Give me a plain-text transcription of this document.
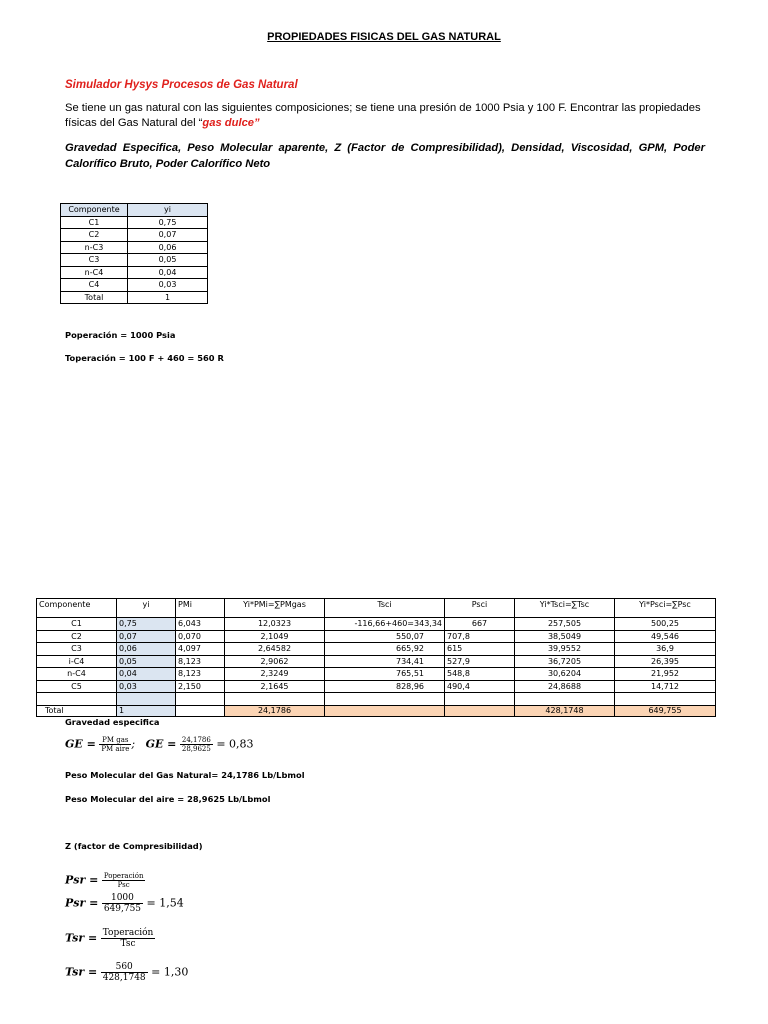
PROPIEDADES FISICAS DEL GAS NATURAL
Simulador Hysys Procesos de Gas Natural
Se tiene un gas natural con las siguientes composiciones; se tiene una presión de 1000 Psia y 100 F. Encontrar las propiedades físicas del Gas Natural del “gas dulce”
Gravedad Especifica, Peso Molecular aparente, Z (Factor de Compresibilidad), Densidad, Viscosidad, GPM, Poder Calorífico Bruto, Poder Calorífico Neto
Componente	yi
C1	0,75
C2	0,07
n-C3	0,06
C3	0,05
n-C4	0,04
C4	0,03
Total	1
Poperación = 1000 Psia
Toperación = 100 F + 460 = 560 R
Componente	yi	PMi	Yi*PMi=∑PMgas	Tsci	Psci	Yi*Tsci=∑Tsc	Yi*Psci=∑Psc
C1	0,75	6,043	12,0323	-116,66+460=343,34	667	257,505	500,25
C2	0,07	0,070	2,1049	550,07	707,8	38,5049	49,546
C3	0,06	4,097	2,64582	665,92	615	39,9552	36,9
i-C4	0,05	8,123	2,9062	734,41	527,9	36,7205	26,395
n-C4	0,04	8,123	2,3249	765,51	548,8	30,6204	21,952
C5	0,03	2,150	2,1645	828,96	490,4	24,8688	14,712

Total	1		24,1786			428,1748	649,755
Gravedad especifica
GE = $\frac{\text{PM gas}}{\text{PM aire}}$ ; GE = $\frac{24,1786}{28,9625} = 0,83$
Peso Molecular del Gas Natural= 24,1786 Lb/Lbmol
Peso Molecular del aire = 28,9625 Lb/Lbmol
Z (factor de Compresibilidad)
Psr = $\frac{\text{Poperación}}{\text{Psc}}$
Psr = $\frac{1000}{649,755} = 1,54$
Tsr = $\frac{\text{Toperación}}{\text{Tsc}}$
Tsr = $\frac{560}{428,1748} = 1,30$
